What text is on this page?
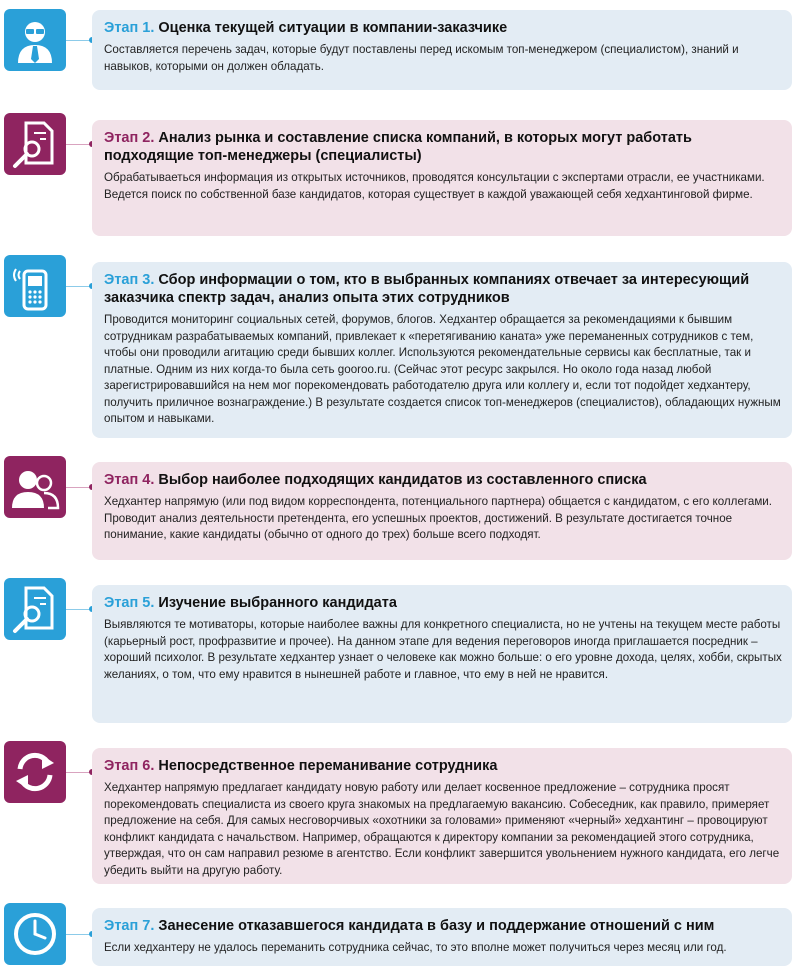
Этап 1. Оценка текущей ситуации в компании-заказчике

Составляется перечень задач, которые будут поставлены перед искомым топ-менеджером (специалистом), знаний и навыков, которыми он должен обладать.

Этап 2. Анализ рынка и составление списка компаний, в которых могут работать подходящие топ-менеджеры (специалисты)

Обрабатываеться информация из открытых источников, проводятся консультации с экспертами отрасли, ее участниками. Ведется поиск по собственной базе кандидатов, которая существует в каждой уважающей себя хедхантинговой фирме.

Этап 3. Сбор информации о том, кто в выбранных компаниях отвечает за интересующий заказчика спектр задач, анализ опыта этих сотрудников

Проводится мониторинг социальных сетей, форумов, блогов. Хедхантер обращается за рекомендациями к бывшим сотрудникам разрабатываемых компаний, привлекает к «перетягиванию каната» уже переманенных сотрудников с тем, чтобы они проводили агитацию среди бывших коллег. Используются рекомендательные сервисы как бесплатные, так и платные. Одним из них когда-то была сеть gooroo.ru. (Сейчас этот ресурс закрылся. Но около года назад любой зарегистрировавшийся на нем мог порекомендовать работодателю друга или коллегу и, если тот подойдет хедхантеру, получить приличное вознаграждение.) В результате создается список топ-менеджеров (специалистов), обладающих нужным опытом и навыками.

Этап 4. Выбор наиболее подходящих кандидатов из составленного списка

Хедхантер напрямую (или под видом корреспондента, потенциального партнера) общается с кандидатом, с его коллегами. Проводит анализ деятельности претендента, его успешных проектов, достижений. В результате достигается точное понимание, какие кандидаты (обычно от одного до трех) больше всего подходят.

Этап 5. Изучение выбранного кандидата

Выявляются те мотиваторы, которые наиболее важны для конкретного специалиста, но не учтены на текущем месте работы (карьерный рост, профразвитие и прочее). На данном этапе для ведения переговоров иногда приглашается посредник – хороший психолог. В результате хедхантер узнает о человеке как можно больше: о его уровне дохода, целях, хобби, скрытых желаниях, о том, что ему нравится в нынешней работе и главное, что ему в ней не нравится.

Этап 6. Непосредственное переманивание сотрудника

Хедхантер напрямую предлагает кандидату новую работу или делает косвенное предложение – сотрудника просят порекомендовать специалиста из своего круга знакомых на предлагаемую вакансию. Собеседник, как правило, примеряет предложение на себя. Для самых несговорчивых «охотники за головами» применяют «черный» хедхантинг – провоцируют конфликт кандидата с начальством. Например, обращаются к директору компании за рекомендацией этого сотрудника, утверждая, что он сам направил резюме в агентство. Если конфликт завершится увольнением нужного кандидата, его легче убедить выйти на другую работу.

Этап 7. Занесение отказавшегося кандидата в базу и поддержание отношений с ним

Если хедхантеру не удалось переманить сотрудника сейчас, то это вполне может получиться через месяц или год.
